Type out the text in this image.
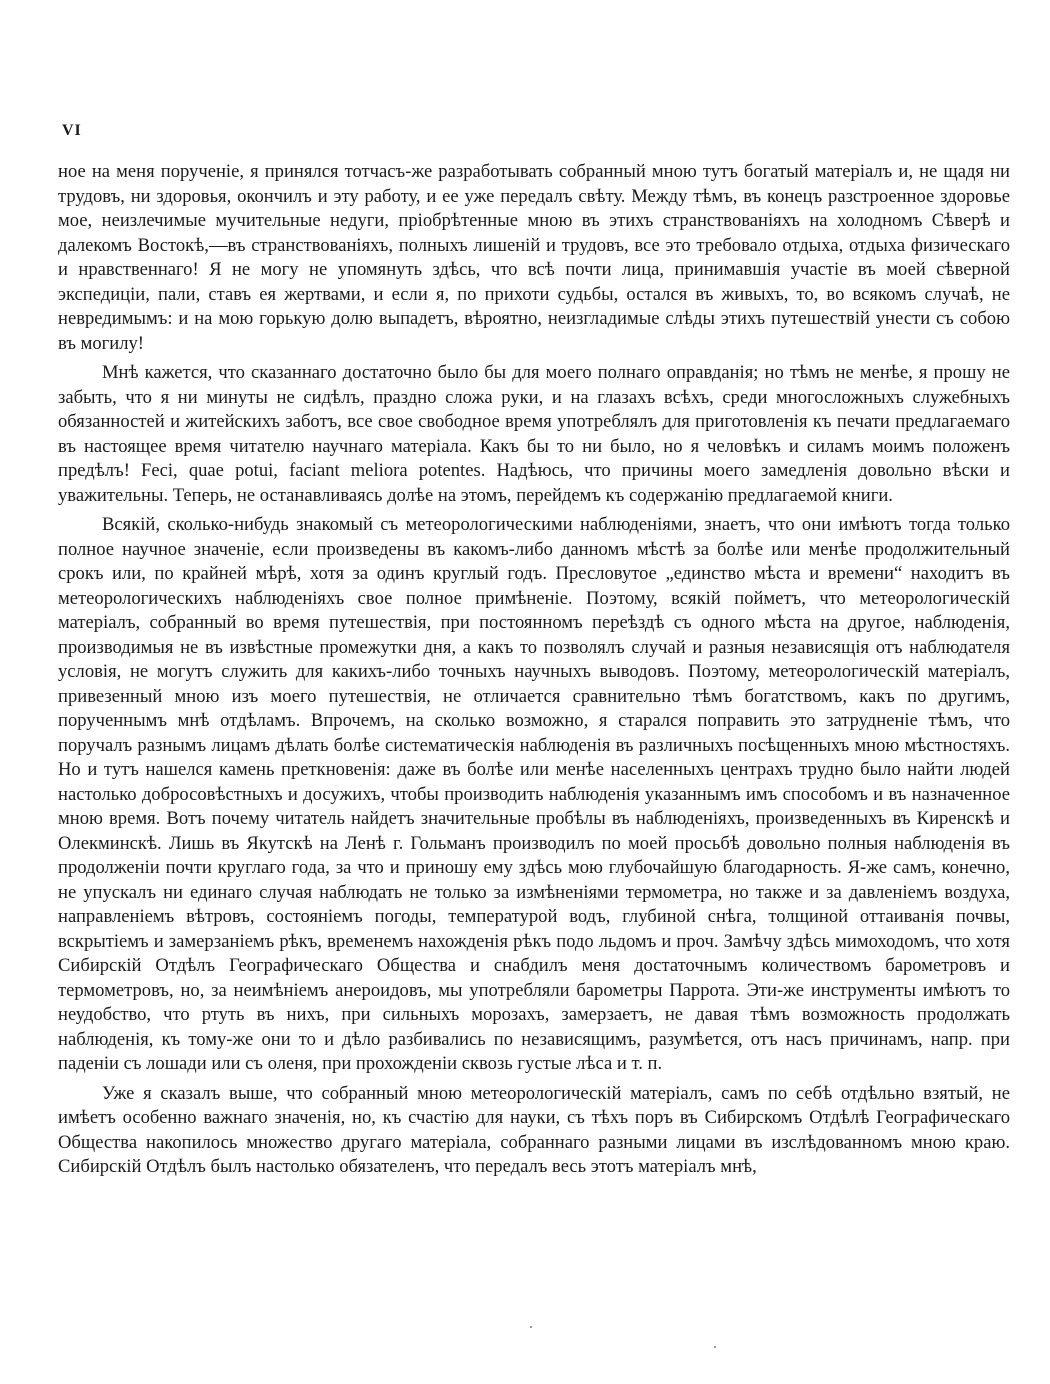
VI

ное на меня порученіе, я принялся тотчасъ-же разработывать собранный мною тутъ богатый матеріалъ и, не щадя ни трудовъ, ни здоровья, окончилъ и эту работу, и ее уже передалъ свѣту. Между тѣмъ, въ конецъ разстроенное здоровье мое, неизлечимые мучительные недуги, пріобрѣтенные мною въ этихъ странствованіяхъ на холодномъ Сѣверѣ и далекомъ Востокѣ,—въ странствованіяхъ, полныхъ лишеній и трудовъ, все это требовало отдыха, отдыха физическаго и нравственнаго! Я не могу не упомянуть здѣсь, что всѣ почти лица, принимавшія участіе въ моей сѣверной экспедиціи, пали, ставъ ея жертвами, и если я, по прихоти судьбы, остался въ живыхъ, то, во всякомъ случаѣ, не невредимымъ: и на мою горькую долю выпадетъ, вѣроятно, неизгладимые слѣды этихъ путешествій унести съ собою въ могилу!

Мнѣ кажется, что сказаннаго достаточно было бы для моего полнаго оправданія; но тѣмъ не менѣе, я прошу не забыть, что я ни минуты не сидѣлъ, праздно сложа руки, и на глазахъ всѣхъ, среди многосложныхъ служебныхъ обязанностей и житейскихъ заботъ, все свое свободное время употреблялъ для приготовленія къ печати предлагаемаго въ настоящее время читателю научнаго матеріала. Какъ бы то ни было, но я человѣкъ и силамъ моимъ положенъ предѣлъ! Feci, quae potui, faciant meliora potentes. Надѣюсь, что причины моего замедленія довольно вѣски и уважительны. Теперь, не останавливаясь долѣе на этомъ, перейдемъ къ содержанію предлагаемой книги.

Всякій, сколько-нибудь знакомый съ метеорологическими наблюденіями, знаетъ, что они имѣютъ тогда только полное научное значеніе, если произведены въ какомъ-либо данномъ мѣстѣ за болѣе или менѣе продолжительный срокъ или, по крайней мѣрѣ, хотя за одинъ круглый годъ. Пресловутое „единство мѣста и времени“ находитъ въ метеорологическихъ наблюденіяхъ свое полное примѣненіе. Поэтому, всякій пойметъ, что метеорологическій матеріалъ, собранный во время путешествія, при постоянномъ переѣздѣ съ одного мѣста на другое, наблюденія, производимыя не въ извѣстные промежутки дня, а какъ то позволялъ случай и разныя независящія отъ наблюдателя условія, не могутъ служить для какихъ-либо точныхъ научныхъ выводовъ. Поэтому, метеорологическій матеріалъ, привезенный мною изъ моего путешествія, не отличается сравнительно тѣмъ богатствомъ, какъ по другимъ, порученнымъ мнѣ отдѣламъ. Впрочемъ, на сколько возможно, я старался поправить это затрудненіе тѣмъ, что поручалъ разнымъ лицамъ дѣлать болѣе систематическія наблюденія въ различныхъ посѣщенныхъ мною мѣстностяхъ. Но и тутъ нашелся камень преткновенія: даже въ болѣе или менѣе населенныхъ центрахъ трудно было найти людей настолько добросовѣстныхъ и досужихъ, чтобы производить наблюденія указаннымъ имъ способомъ и въ назначенное мною время. Вотъ почему читатель найдетъ значительные пробѣлы въ наблюденіяхъ, произведенныхъ въ Киренскѣ и Олекминскѣ. Лишь въ Якутскѣ на Ленѣ г. Гольманъ производилъ по моей просьбѣ довольно полныя наблюденія въ продолженіи почти круглаго года, за что и приношу ему здѣсь мою глубочайшую благодарность. Я-же самъ, конечно, не упускалъ ни единаго случая наблюдать не только за измѣненіями термометра, но также и за давленіемъ воздуха, направленіемъ вѣтровъ, состояніемъ погоды, температурой водъ, глубиной снѣга, толщиной оттаиванія почвы, вскрытіемъ и замерзаніемъ рѣкъ, временемъ нахожденія рѣкъ подо льдомъ и проч. Замѣчу здѣсь мимоходомъ, что хотя Сибирскій Отдѣлъ Географическаго Общества и снабдилъ меня достаточнымъ количествомъ барометровъ и термометровъ, но, за неимѣніемъ анероидовъ, мы употребляли барометры Паррота. Эти-же инструменты имѣютъ то неудобство, что ртуть въ нихъ, при сильныхъ морозахъ, замерзаетъ, не давая тѣмъ возможность продолжать наблюденія, къ тому-же они то и дѣло разбивались по независящимъ, разумѣется, отъ насъ причинамъ, напр. при паденіи съ лошади или съ оленя, при прохожденіи сквозь густые лѣса и т. п.

Уже я сказалъ выше, что собранный мною метеорологическій матеріалъ, самъ по себѣ отдѣльно взятый, не имѣетъ особенно важнаго значенія, но, къ счастію для науки, съ тѣхъ поръ въ Сибирскомъ Отдѣлѣ Географическаго Общества накопилось множество другаго матеріала, собраннаго разными лицами въ изслѣдованномъ мною краю. Сибирскій Отдѣлъ былъ настолько обязателенъ, что передалъ весь этотъ матеріалъ мнѣ,
